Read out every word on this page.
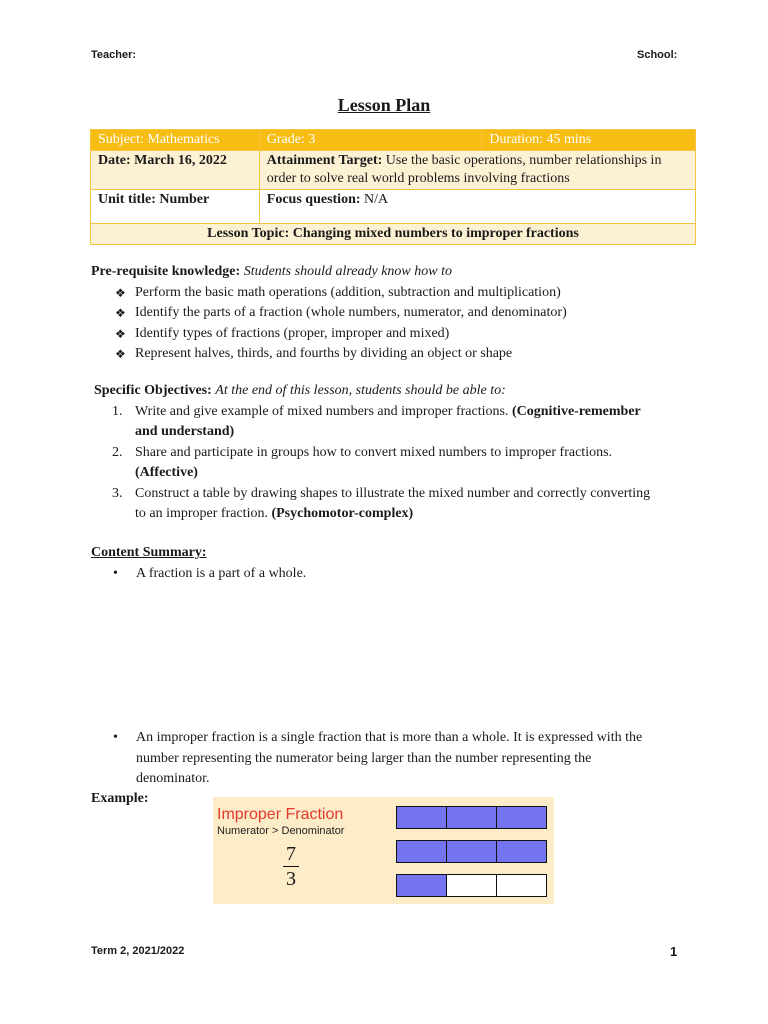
Teacher:	School:
Lesson Plan
Subject: Mathematics	Grade: 3	Duration: 45 mins
Date: March 16, 2022	Attainment Target: Use the basic operations, number relationships in order to solve real world problems involving fractions	
Unit title: Number	Focus question: N/A	
Lesson Topic: Changing mixed numbers to improper fractions		
Pre-requisite knowledge: Students should already know how to
❖ Perform the basic math operations (addition, subtraction and multiplication)
❖ Identify the parts of a fraction (whole numbers, numerator, and denominator)
❖ Identify types of fractions (proper, improper and mixed)
❖ Represent halves, thirds, and fourths by dividing an object or shape
Specific Objectives: At the end of this lesson, students should be able to:
1. Write and give example of mixed numbers and improper fractions. (Cognitive-remember and understand)
2. Share and participate in groups how to convert mixed numbers to improper fractions. (Affective)
3. Construct a table by drawing shapes to illustrate the mixed number and correctly converting to an improper fraction. (Psychomotor-complex)
Content Summary:
• A fraction is a part of a whole.
• An improper fraction is a single fraction that is more than a whole. It is expressed with the number representing the numerator being larger than the number representing the denominator.
Example:
Improper Fraction
Numerator > Denominator
7
3
Term 2, 2021/2022	1
